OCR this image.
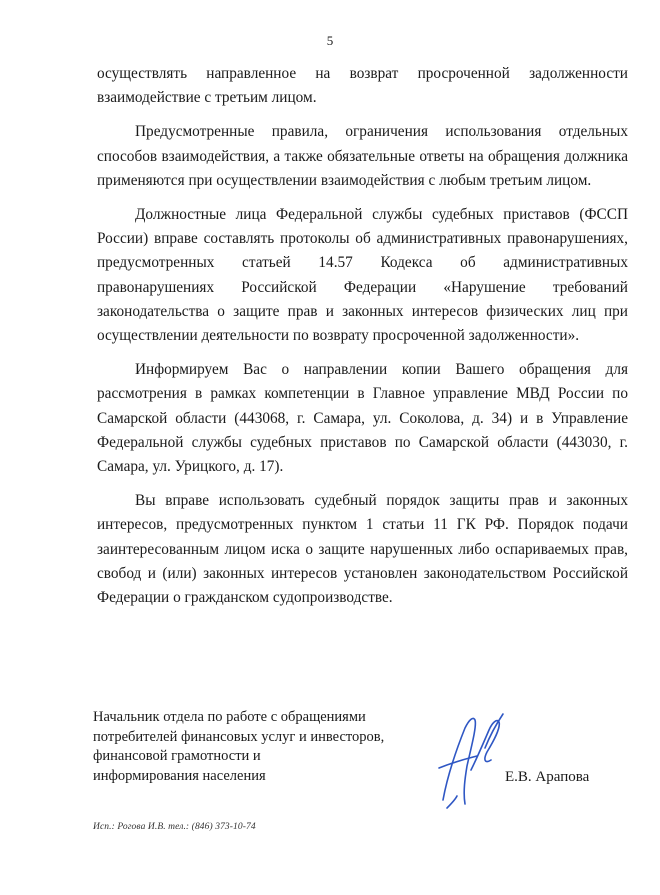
5

осуществлять направленное на возврат просроченной задолженности взаимодействие с третьим лицом.

Предусмотренные правила, ограничения использования отдельных способов взаимодействия, а также обязательные ответы на обращения должника применяются при осуществлении взаимодействия с любым третьим лицом.

Должностные лица Федеральной службы судебных приставов (ФССП России) вправе составлять протоколы об административных правонарушениях, предусмотренных статьей 14.57 Кодекса об административных правонарушениях Российской Федерации «Нарушение требований законодательства о защите прав и законных интересов физических лиц при осуществлении деятельности по возврату просроченной задолженности».

Информируем Вас о направлении копии Вашего обращения для рассмотрения в рамках компетенции в Главное управление МВД России по Самарской области (443068, г. Самара, ул. Соколова, д. 34) и в Управление Федеральной службы судебных приставов по Самарской области (443030, г. Самара, ул. Урицкого, д. 17).

Вы вправе использовать судебный порядок защиты прав и законных интересов, предусмотренных пунктом 1 статьи 11 ГК РФ. Порядок подачи заинтересованным лицом иска о защите нарушенных либо оспариваемых прав, свобод и (или) законных интересов установлен законодательством Российской Федерации о гражданском судопроизводстве.

Начальник отдела по работе с обращениями
потребителей финансовых услуг и инвесторов,
финансовой грамотности и
информирования населения	Е.В. Арапова
Исп.: Рогова И.В. тел.: (846) 373-10-74
